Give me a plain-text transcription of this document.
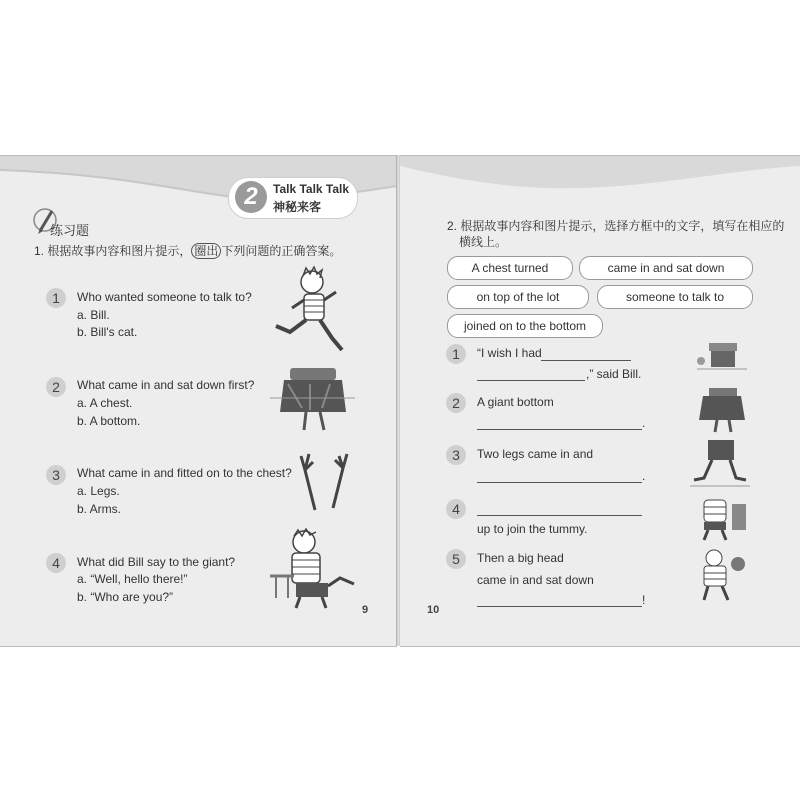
练习题
1. 根据故事内容和图片提示， 圈出 下列问题的正确答案。
1	Who wanted someone to talk to?
a. Bill.
b. Bill's cat.
2	What came in and sat down first?
a. A chest.
b. A bottom.
3	What came in and fitted on to the chest?
a. Legs.
b. Arms.
4	What did Bill say to the giant?
a. “Well, hello there!”
b. “Who are you?”
9
2	Talk Talk Talk
神秘来客
2. 根据故事内容和图片提示，选择方框中的文字，填写在相应的
横线上。
A chest turned	came in and sat down
on top of the lot	someone to talk to
joined on to the bottom
1	“I wish I had
,” said Bill.
2	A giant bottom
.
3	Two legs came in and
.
4
up to join the tummy.
5	Then a big head
came in and sat down
!
10
